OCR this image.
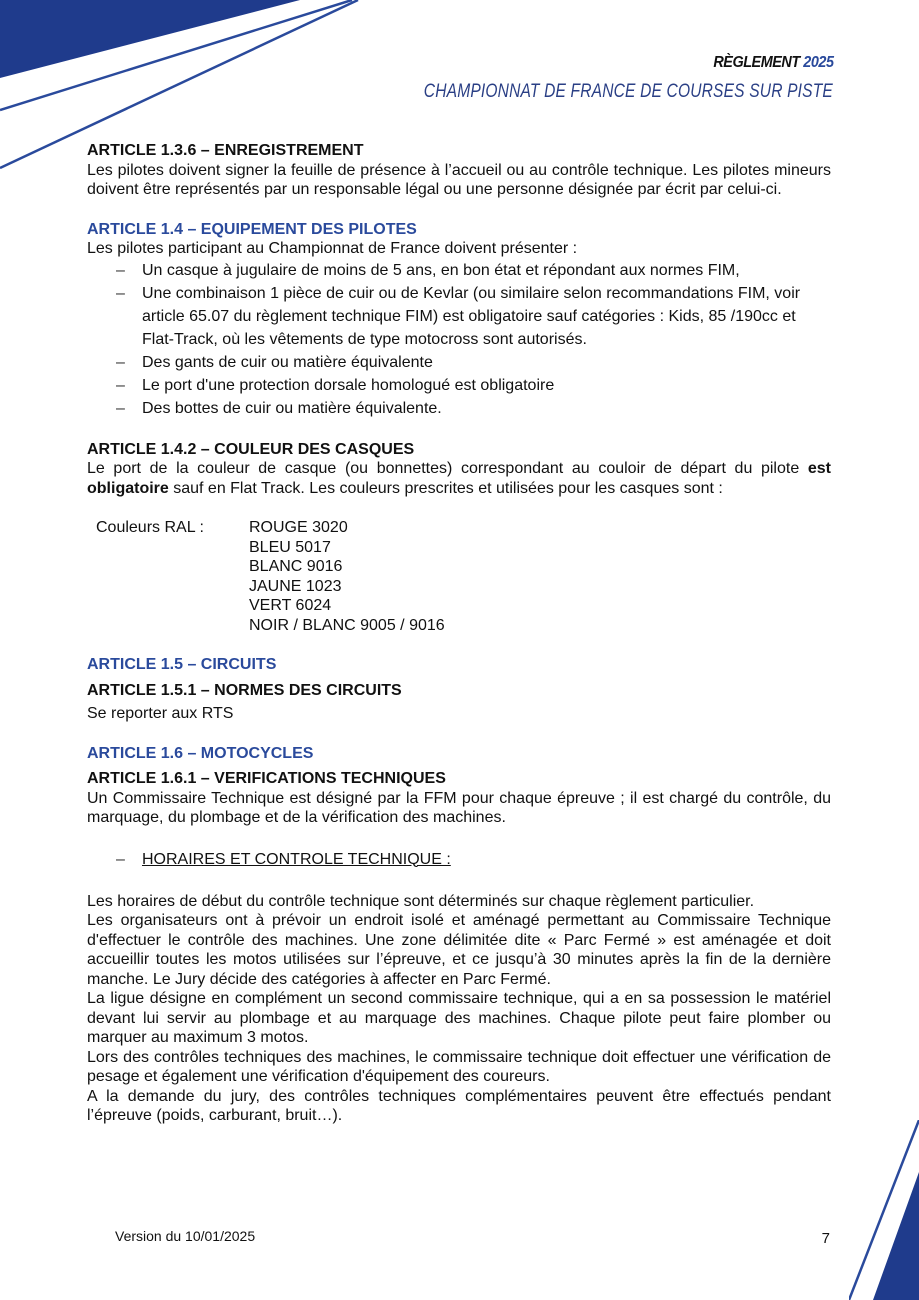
RÈGLEMENT 2025
CHAMPIONNAT DE FRANCE DE COURSES SUR PISTE
ARTICLE 1.3.6 – ENREGISTREMENT

Les pilotes doivent signer la feuille de présence à l’accueil ou au contrôle technique. Les pilotes mineurs doivent être représentés par un responsable légal ou une personne désignée par écrit par celui-ci.

ARTICLE 1.4 – EQUIPEMENT DES PILOTES

Les pilotes participant au Championnat de France doivent présenter :

– Un casque à jugulaire de moins de 5 ans, en bon état et répondant aux normes FIM,
– Une combinaison 1 pièce de cuir ou de Kevlar (ou similaire selon recommandations FIM, voir article 65.07 du règlement technique FIM) est obligatoire sauf catégories : Kids, 85 /190cc et Flat-Track, où les vêtements de type motocross sont autorisés.
– Des gants de cuir ou matière équivalente
– Le port d'une protection dorsale homologué est obligatoire
– Des bottes de cuir ou matière équivalente.
ARTICLE 1.4.2 – COULEUR DES CASQUES

Le port de la couleur de casque (ou bonnettes) correspondant au couloir de départ du pilote est obligatoire sauf en Flat Track. Les couleurs prescrites et utilisées pour les casques sont :

Couleurs RAL :	ROUGE 3020
BLEU 5017
BLANC 9016
JAUNE 1023
VERT 6024
NOIR / BLANC 9005 / 9016
ARTICLE 1.5 – CIRCUITS
ARTICLE 1.5.1 – NORMES DES CIRCUITS

Se reporter aux RTS

ARTICLE 1.6 – MOTOCYCLES
ARTICLE 1.6.1 – VERIFICATIONS TECHNIQUES

Un Commissaire Technique est désigné par la FFM pour chaque épreuve ; il est chargé du contrôle, du marquage, du plombage et de la vérification des machines.

– HORAIRES ET CONTROLE TECHNIQUE :

Les horaires de début du contrôle technique sont déterminés sur chaque règlement particulier.

Les organisateurs ont à prévoir un endroit isolé et aménagé permettant au Commissaire Technique d'effectuer le contrôle des machines. Une zone délimitée dite « Parc Fermé » est aménagée et doit accueillir toutes les motos utilisées sur l’épreuve, et ce jusqu’à 30 minutes après la fin de la dernière manche. Le Jury décide des catégories à affecter en Parc Fermé.

La ligue désigne en complément un second commissaire technique, qui a en sa possession le matériel devant lui servir au plombage et au marquage des machines. Chaque pilote peut faire plomber ou marquer au maximum 3 motos.

Lors des contrôles techniques des machines, le commissaire technique doit effectuer une vérification de pesage et également une vérification d'équipement des coureurs.

A la demande du jury, des contrôles techniques complémentaires peuvent être effectués pendant l’épreuve (poids, carburant, bruit…).

Version du 10/01/2025	7
